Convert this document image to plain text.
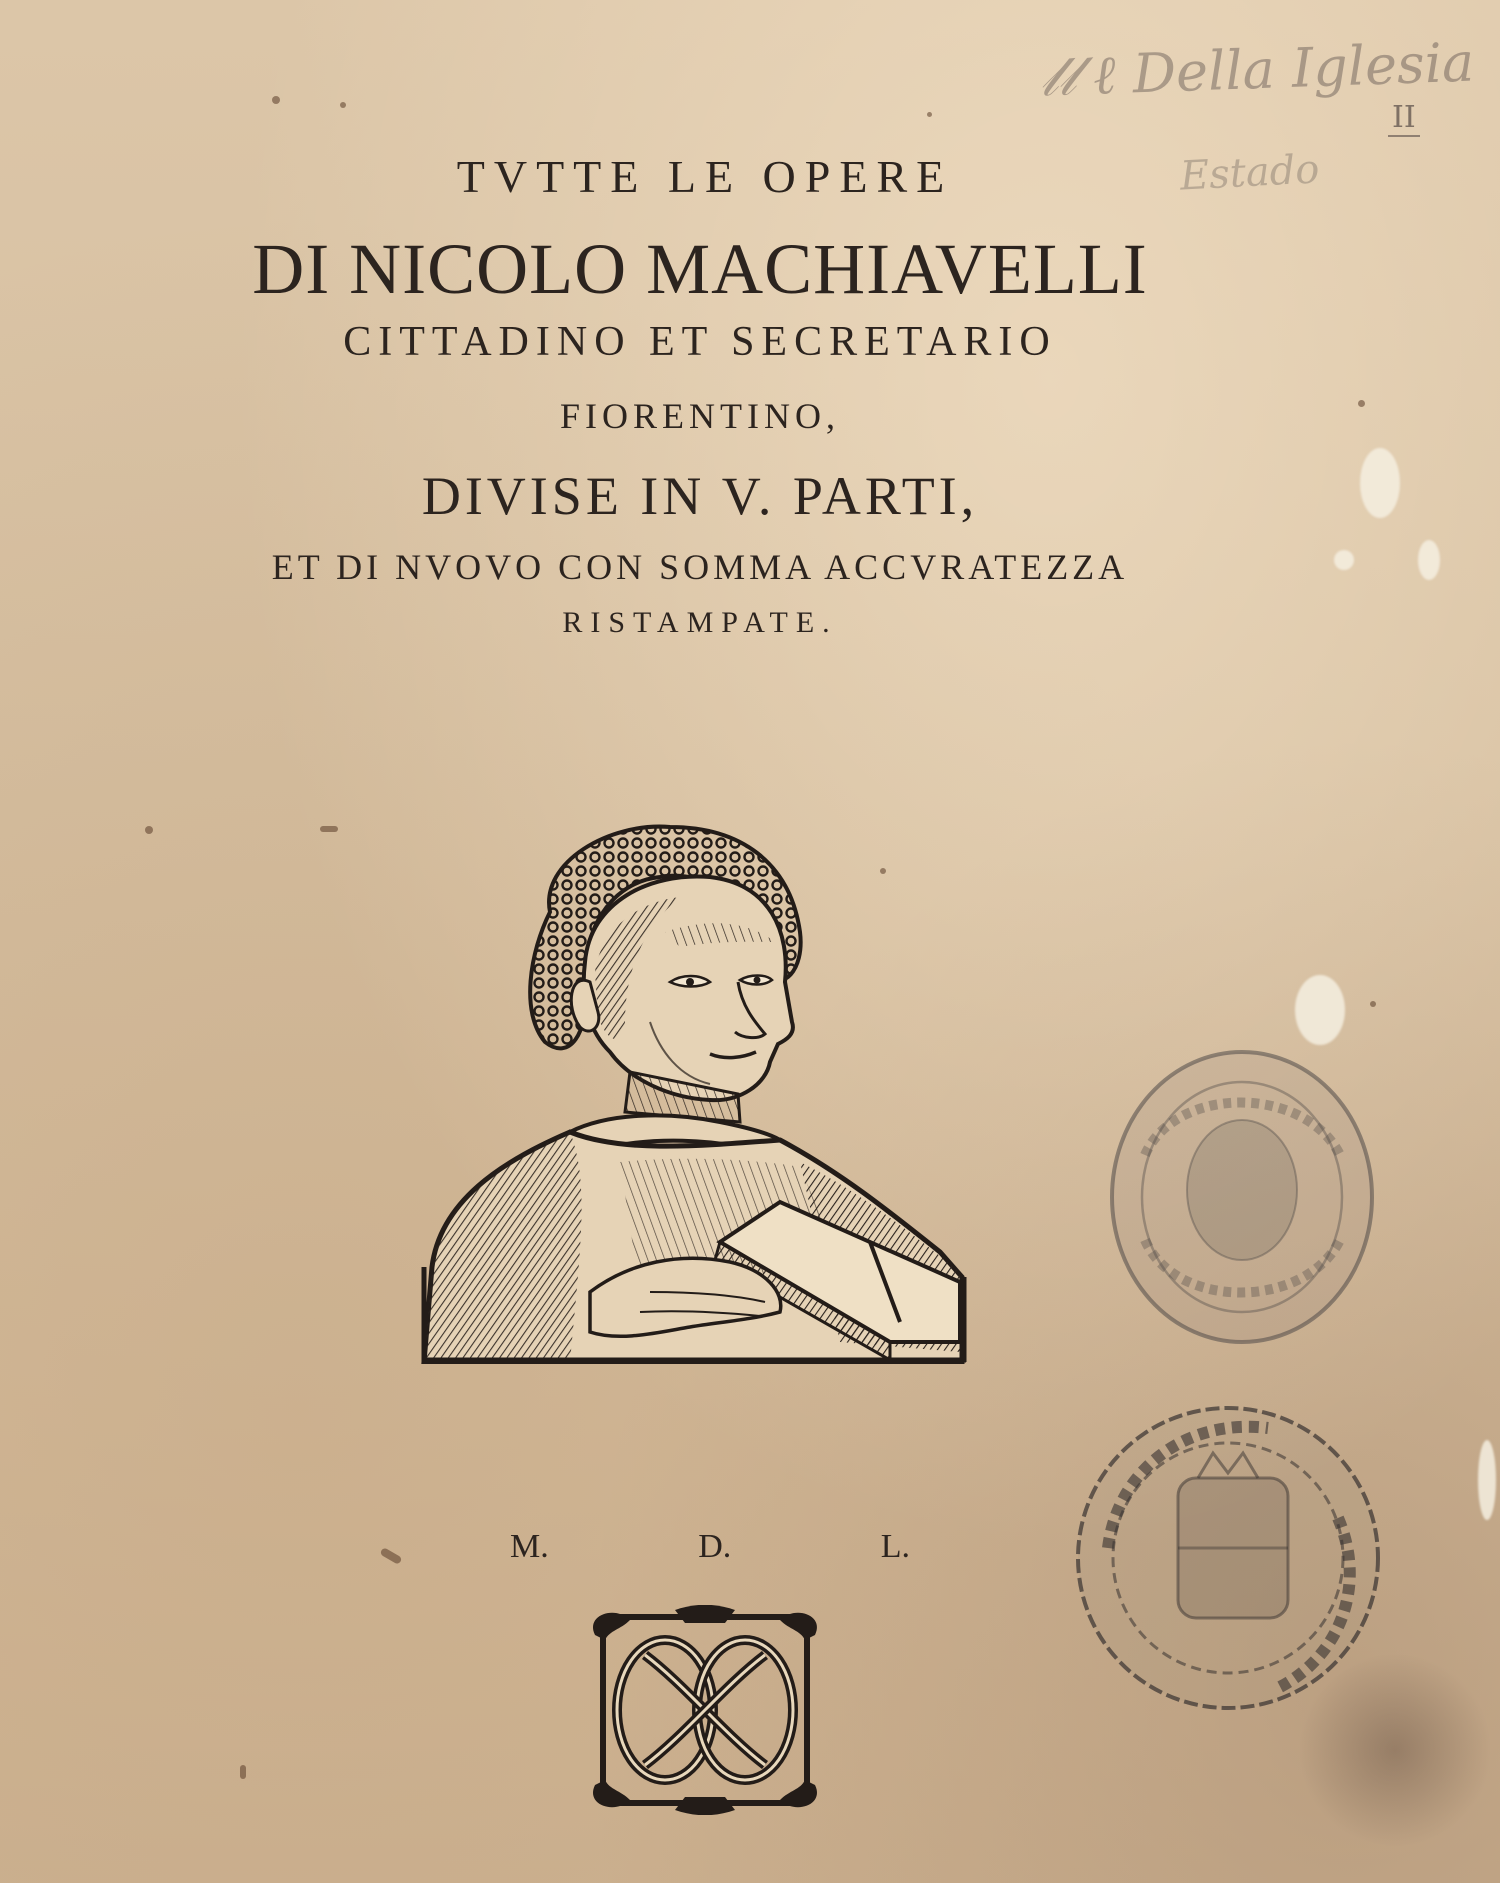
𝓁𝓁 ℓ Della Iglesia
Estado
II
TVTTE LE OPERE
DI NICOLO MACHIAVELLI
CITTADINO ET SECRETARIO
FIORENTINO,
DIVISE IN V. PARTI,
ET DI NVOVO CON SOMMA ACCVRATEZZA
RISTAMPATE.
M.	D.	L.
